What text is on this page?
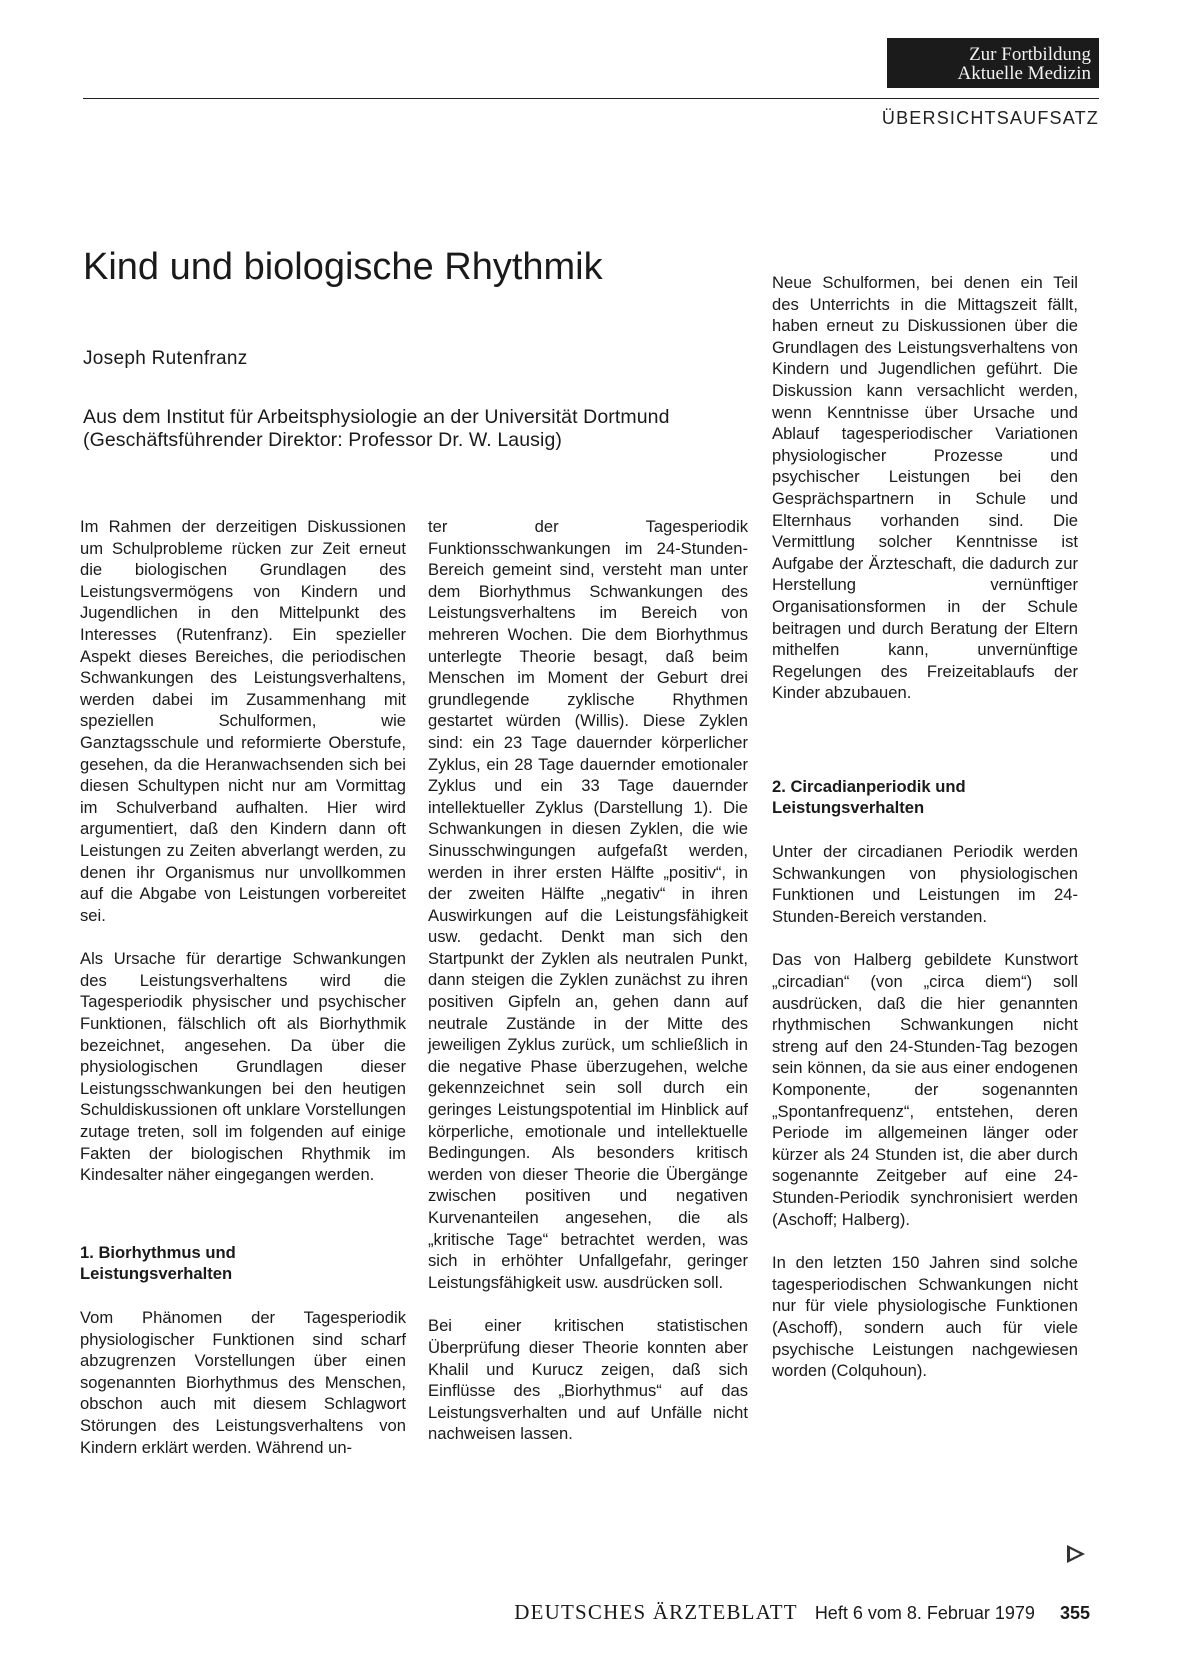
Zur Fortbildung
Aktuelle Medizin
ÜBERSICHTSAUFSATZ
Kind und biologische Rhythmik
Joseph Rutenfranz
Aus dem Institut für Arbeitsphysiologie an der Universität Dortmund
(Geschäftsführender Direktor: Professor Dr. W. Lausig)

Im Rahmen der derzeitigen Diskussionen um Schulprobleme rücken zur Zeit erneut die biologischen Grundlagen des Leistungsvermögens von Kindern und Jugendlichen in den Mittelpunkt des Interesses (Rutenfranz). Ein spezieller Aspekt dieses Bereiches, die periodischen Schwankungen des Leistungsverhaltens, werden dabei im Zusammenhang mit speziellen Schulformen, wie Ganztagsschule und reformierte Oberstufe, gesehen, da die Heranwachsenden sich bei diesen Schultypen nicht nur am Vormittag im Schulverband aufhalten. Hier wird argumentiert, daß den Kindern dann oft Leistungen zu Zeiten abverlangt werden, zu denen ihr Organismus nur unvollkommen auf die Abgabe von Leistungen vorbereitet sei.

Als Ursache für derartige Schwankungen des Leistungsverhaltens wird die Tagesperiodik physischer und psychischer Funktionen, fälschlich oft als Biorhythmik bezeichnet, angesehen. Da über die physiologischen Grundlagen dieser Leistungsschwankungen bei den heutigen Schuldiskussionen oft unklare Vorstellungen zutage treten, soll im folgenden auf einige Fakten der biologischen Rhythmik im Kindesalter näher eingegangen werden.

1. Biorhythmus und
Leistungsverhalten

Vom Phänomen der Tagesperiodik physiologischer Funktionen sind scharf abzugrenzen Vorstellungen über einen sogenannten Biorhythmus des Menschen, obschon auch mit diesem Schlagwort Störungen des Leistungsverhaltens von Kindern erklärt werden. Während un-

ter der Tagesperiodik Funktionsschwankungen im 24-Stunden-Bereich gemeint sind, versteht man unter dem Biorhythmus Schwankungen des Leistungsverhaltens im Bereich von mehreren Wochen. Die dem Biorhythmus unterlegte Theorie besagt, daß beim Menschen im Moment der Geburt drei grundlegende zyklische Rhythmen gestartet würden (Willis). Diese Zyklen sind: ein 23 Tage dauernder körperlicher Zyklus, ein 28 Tage dauernder emotionaler Zyklus und ein 33 Tage dauernder intellektueller Zyklus (Darstellung 1). Die Schwankungen in diesen Zyklen, die wie Sinusschwingungen aufgefaßt werden, werden in ihrer ersten Hälfte „positiv“, in der zweiten Hälfte „negativ“ in ihren Auswirkungen auf die Leistungsfähigkeit usw. gedacht. Denkt man sich den Startpunkt der Zyklen als neutralen Punkt, dann steigen die Zyklen zunächst zu ihren positiven Gipfeln an, gehen dann auf neutrale Zustände in der Mitte des jeweiligen Zyklus zurück, um schließlich in die negative Phase überzugehen, welche gekennzeichnet sein soll durch ein geringes Leistungspotential im Hinblick auf körperliche, emotionale und intellektuelle Bedingungen. Als besonders kritisch werden von dieser Theorie die Übergänge zwischen positiven und negativen Kurvenanteilen angesehen, die als „kritische Tage“ betrachtet werden, was sich in erhöhter Unfallgefahr, geringer Leistungsfähigkeit usw. ausdrücken soll.

Bei einer kritischen statistischen Überprüfung dieser Theorie konnten aber Khalil und Kurucz zeigen, daß sich Einflüsse des „Biorhythmus“ auf das Leistungsverhalten und auf Unfälle nicht nachweisen lassen.

Neue Schulformen, bei denen ein Teil des Unterrichts in die Mittagszeit fällt, haben erneut zu Diskussionen über die Grundlagen des Leistungsverhaltens von Kindern und Jugendlichen geführt. Die Diskussion kann versachlicht werden, wenn Kenntnisse über Ursache und Ablauf tagesperiodischer Variationen physiologischer Prozesse und psychischer Leistungen bei den Gesprächspartnern in Schule und Elternhaus vorhanden sind. Die Vermittlung solcher Kenntnisse ist Aufgabe der Ärzteschaft, die dadurch zur Herstellung vernünftiger Organisationsformen in der Schule beitragen und durch Beratung der Eltern mithelfen kann, unvernünftige Regelungen des Freizeitablaufs der Kinder abzubauen.

2. Circadianperiodik und
Leistungsverhalten

Unter der circadianen Periodik werden Schwankungen von physiologischen Funktionen und Leistungen im 24-Stunden-Bereich verstanden.

Das von Halberg gebildete Kunstwort „circadian“ (von „circa diem“) soll ausdrücken, daß die hier genannten rhythmischen Schwankungen nicht streng auf den 24-Stunden-Tag bezogen sein können, da sie aus einer endogenen Komponente, der sogenannten „Spontanfrequenz“, entstehen, deren Periode im allgemeinen länger oder kürzer als 24 Stunden ist, die aber durch sogenannte Zeitgeber auf eine 24-Stunden-Periodik synchronisiert werden (Aschoff; Halberg).

In den letzten 150 Jahren sind solche tagesperiodischen Schwankungen nicht nur für viele physiologische Funktionen (Aschoff), sondern auch für viele psychische Leistungen nachgewiesen worden (Colquhoun).

DEUTSCHES ÄRZTEBLATT Heft 6 vom 8. Februar 1979 355
